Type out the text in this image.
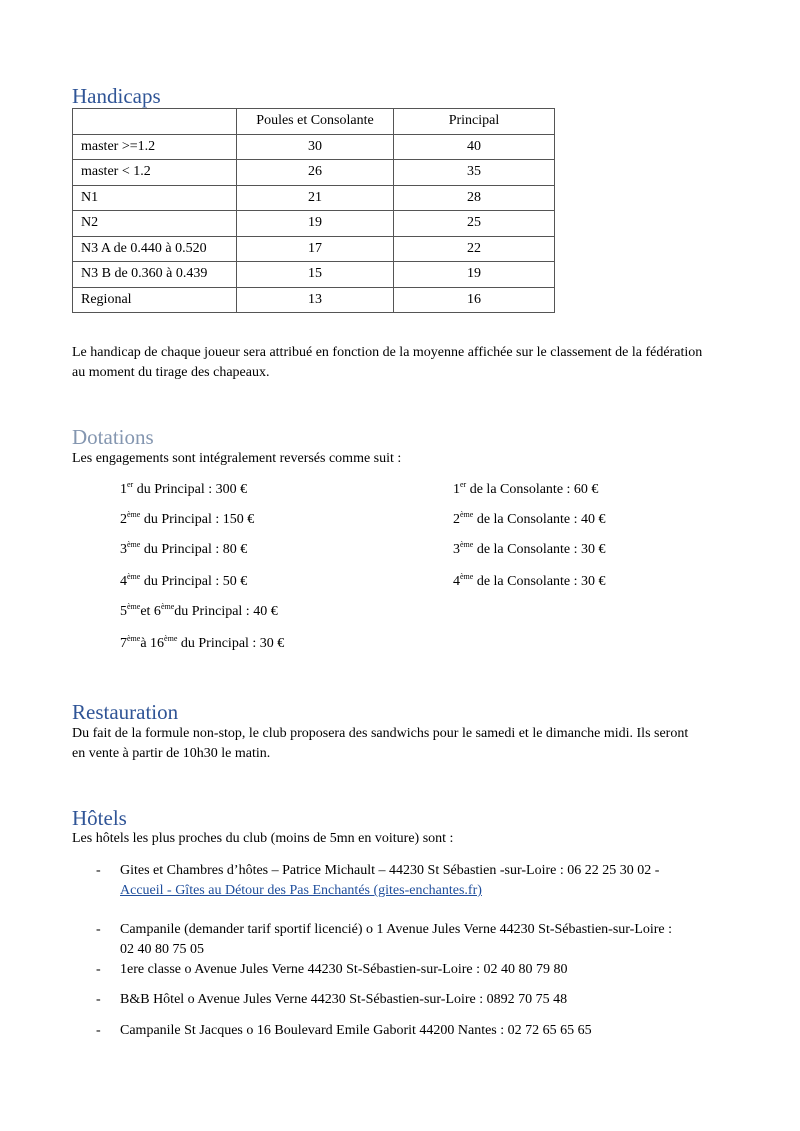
Handicaps
	Poules et Consolante	Principal
master >=1.2	30	40
master < 1.2	26	35
N1	21	28
N2	19	25
N3 A de 0.440 à 0.520	17	22
N3 B de 0.360 à 0.439	15	19
Regional	13	16
Le handicap de chaque joueur sera attribué en fonction de la moyenne affichée sur le classement de la fédération
au moment du tirage des chapeaux.
Dotations
Les engagements sont intégralement reversés comme suit :
1er du Principal : 300 €
2ème du Principal : 150 €
3ème du Principal : 80 €
4ème du Principal : 50 €
1er de la Consolante : 60 €
2ème de la Consolante : 40 €
3ème de la Consolante : 30 €
4ème de la Consolante : 30 €
5èmeet 6èmedu Principal : 40 €
7èmeà 16ème du Principal : 30 €
Restauration
Du fait de la formule non-stop, le club proposera des sandwichs pour le samedi et le dimanche midi. Ils seront
en vente à partir de 10h30 le matin.
Hôtels
Les hôtels les plus proches du club (moins de 5mn en voiture) sont :
- Gites et Chambres d’hôtes – Patrice Michault – 44230 St Sébastien -sur-Loire : 06 22 25 30 02 -
Accueil - Gîtes au Détour des Pas Enchantés (gites-enchantes.fr)
- Campanile (demander tarif sportif licencié) o 1 Avenue Jules Verne 44230 St-Sébastien-sur-Loire :
02 40 80 75 05
- 1ere classe o Avenue Jules Verne 44230 St-Sébastien-sur-Loire : 02 40 80 79 80
- B&B Hôtel o Avenue Jules Verne 44230 St-Sébastien-sur-Loire : 0892 70 75 48
- Campanile St Jacques o 16 Boulevard Emile Gaborit 44200 Nantes : 02 72 65 65 65
